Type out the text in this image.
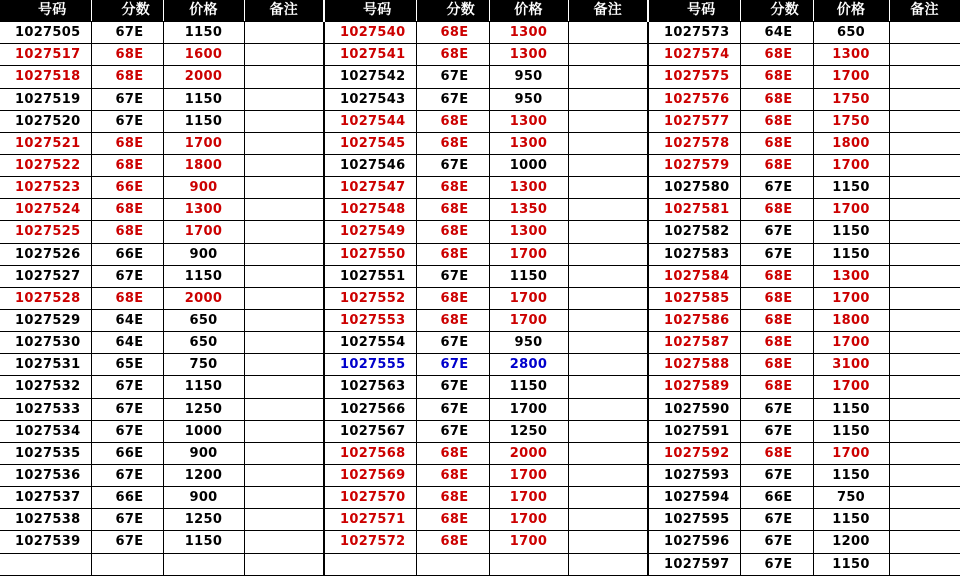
号码	分数	价格	备注	号码	分数	价格	备注	号码	分数	价格	备注
1027505	67E	1150		1027540	68E	1300		1027573	64E	650	
1027517	68E	1600		1027541	68E	1300		1027574	68E	1300	
1027518	68E	2000		1027542	67E	950		1027575	68E	1700	
1027519	67E	1150		1027543	67E	950		1027576	68E	1750	
1027520	67E	1150		1027544	68E	1300		1027577	68E	1750	
1027521	68E	1700		1027545	68E	1300		1027578	68E	1800	
1027522	68E	1800		1027546	67E	1000		1027579	68E	1700	
1027523	66E	900		1027547	68E	1300		1027580	67E	1150	
1027524	68E	1300		1027548	68E	1350		1027581	68E	1700	
1027525	68E	1700		1027549	68E	1300		1027582	67E	1150	
1027526	66E	900		1027550	68E	1700		1027583	67E	1150	
1027527	67E	1150		1027551	67E	1150		1027584	68E	1300	
1027528	68E	2000		1027552	68E	1700		1027585	68E	1700	
1027529	64E	650		1027553	68E	1700		1027586	68E	1800	
1027530	64E	650		1027554	67E	950		1027587	68E	1700	
1027531	65E	750		1027555	67E	2800		1027588	68E	3100	
1027532	67E	1150		1027563	67E	1150		1027589	68E	1700	
1027533	67E	1250		1027566	67E	1700		1027590	67E	1150	
1027534	67E	1000		1027567	67E	1250		1027591	67E	1150	
1027535	66E	900		1027568	68E	2000		1027592	68E	1700	
1027536	67E	1200		1027569	68E	1700		1027593	67E	1150	
1027537	66E	900		1027570	68E	1700		1027594	66E	750	
1027538	67E	1250		1027571	68E	1700		1027595	67E	1150	
1027539	67E	1150		1027572	68E	1700		1027596	67E	1200	
								1027597	67E	1150	
